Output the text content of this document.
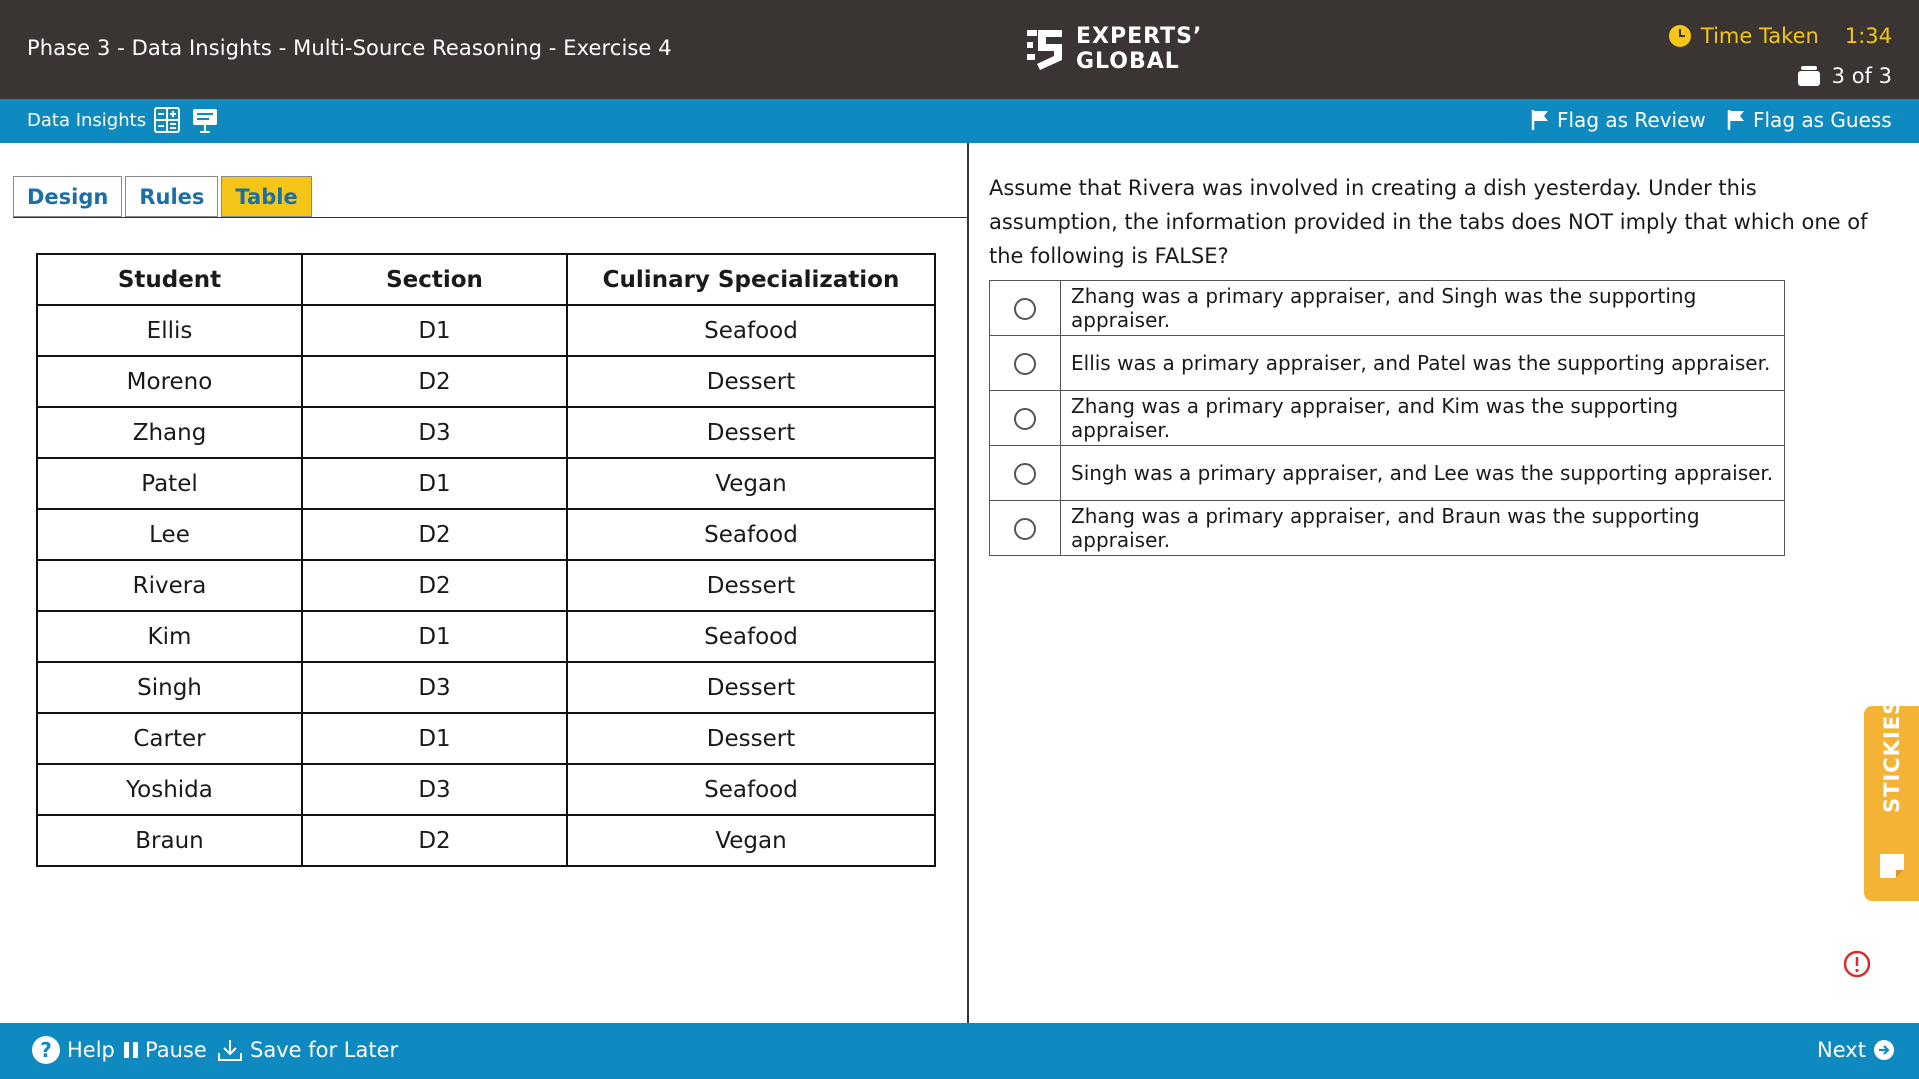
Phase 3 - Data Insights - Multi-Source Reasoning - Exercise 4	EXPERTS’
GLOBAL
Time Taken 1:34
3 of 3
Data Insights	Flag as Review Flag as Guess
Design	Rules	Table
Student	Section	Culinary Specialization
Ellis	D1	Seafood
Moreno	D2	Dessert
Zhang	D3	Dessert
Patel	D1	Vegan
Lee	D2	Seafood
Rivera	D2	Dessert
Kim	D1	Seafood
Singh	D3	Dessert
Carter	D1	Dessert
Yoshida	D3	Seafood
Braun	D2	Vegan
Assume that Rivera was involved in creating a dish yesterday. Under this assumption, the information provided in the tabs does NOT imply that which one of the following is FALSE?
	Zhang was a primary appraiser, and Singh was the supporting appraiser.
	Ellis was a primary appraiser, and Patel was the supporting appraiser.
	Zhang was a primary appraiser, and Kim was the supporting appraiser.
	Singh was a primary appraiser, and Lee was the supporting appraiser.
	Zhang was a primary appraiser, and Braun was the supporting appraiser.
STICKIES
? Help Pause Save for Later	Next
